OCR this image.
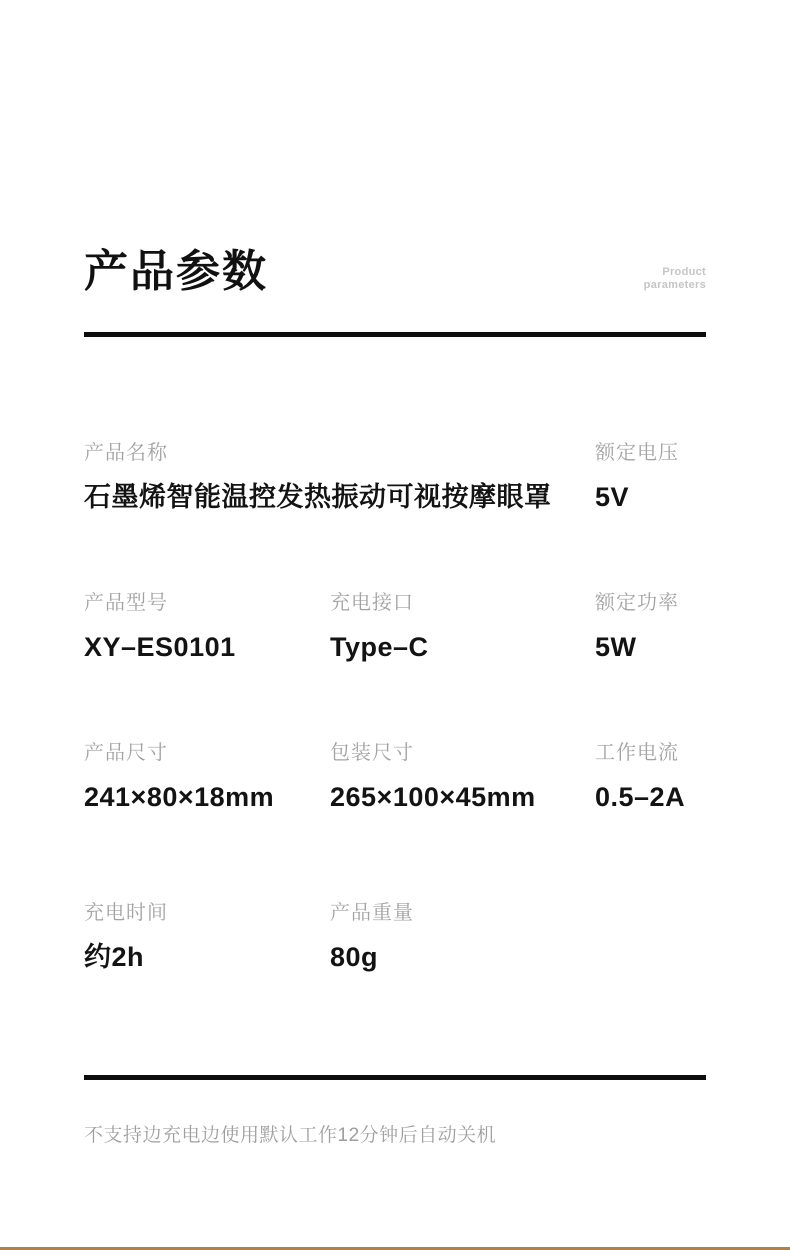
产品参数	Product
parameters
产品名称
石墨烯智能温控发热振动可视按摩眼罩
额定电压
5V
产品型号
XY–ES0101
充电接口
Type–C
额定功率
5W
产品尺寸
241×80×18mm
包装尺寸
265×100×45mm
工作电流
0.5–2A
充电时间
约2h
产品重量
80g
不支持边充电边使用默认工作12分钟后自动关机
